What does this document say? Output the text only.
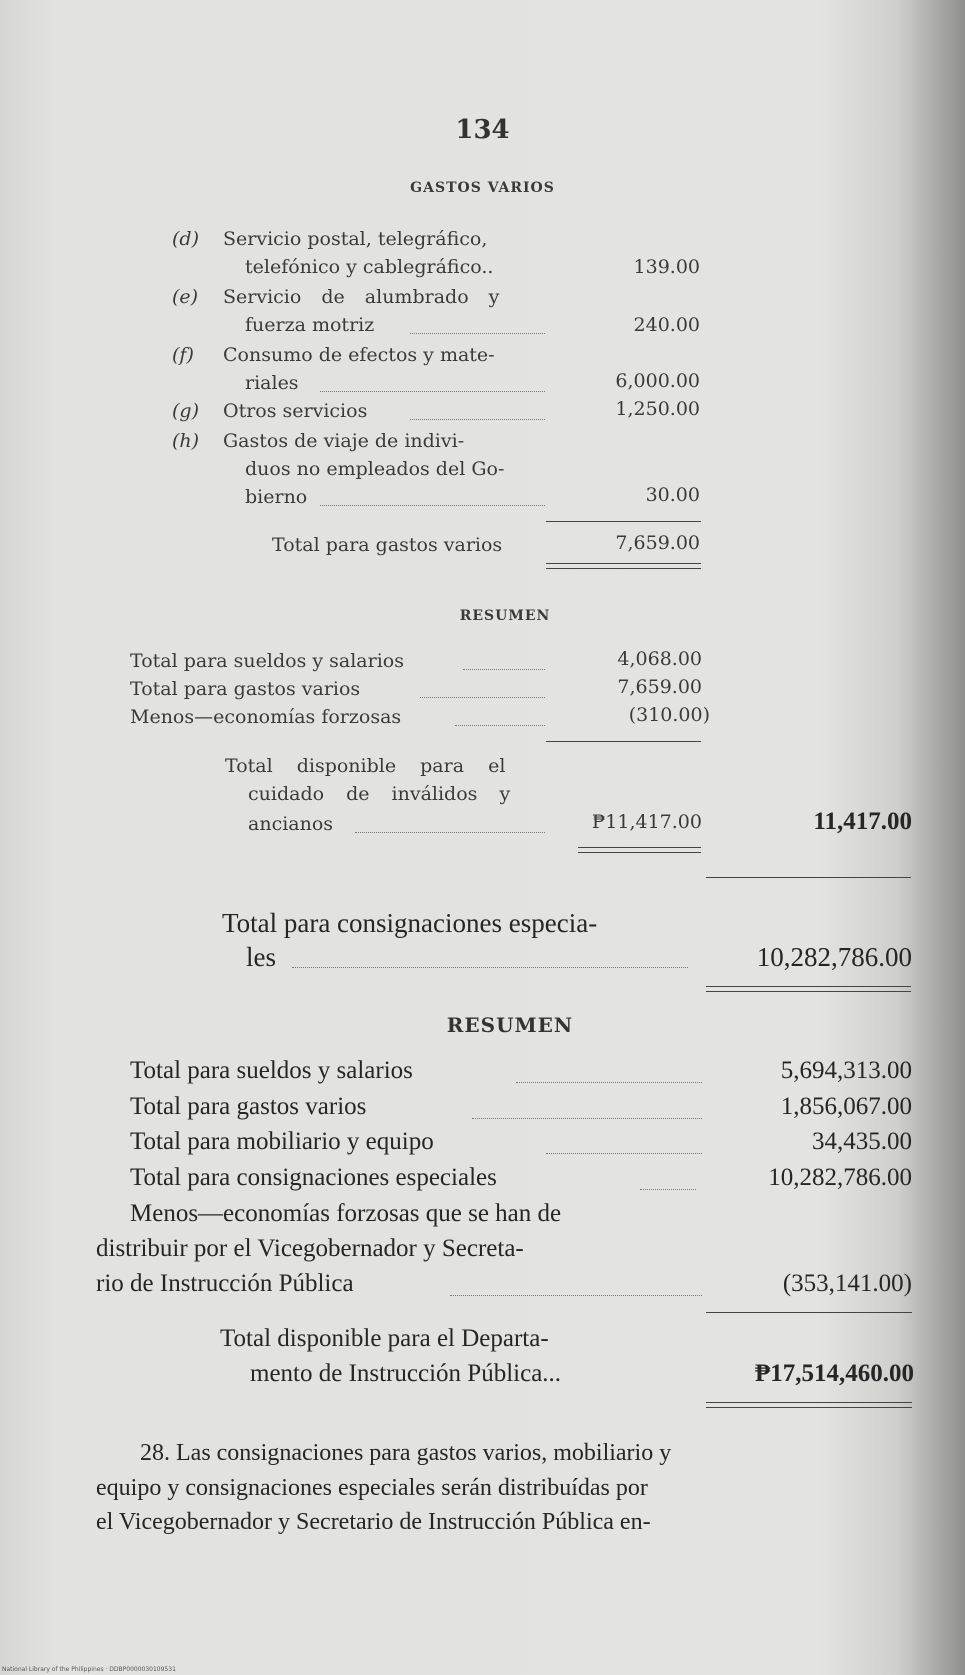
134
GASTOS VARIOS
(d) Servicio postal, telegráfico,
telefónico y cablegráfico..	139.00
(e) Servicio de alumbrado y
fuerza motriz	240.00
(f) Consumo de efectos y mate-
riales	6,000.00
(g) Otros servicios	1,250.00
(h) Gastos de viaje de indivi-
duos no empleados del Go-
bierno	30.00
Total para gastos varios	7,659.00
RESUMEN
Total para sueldos y salarios	4,068.00
Total para gastos varios	7,659.00
Menos—economías forzosas	(310.00)
Total disponible para el
cuidado de inválidos y
ancianos	₱11,417.00	11,417.00
Total para consignaciones especia-
les	10,282,786.00
RESUMEN
Total para sueldos y salarios	5,694,313.00
Total para gastos varios	1,856,067.00
Total para mobiliario y equipo	34,435.00
Total para consignaciones especiales	10,282,786.00
Menos—economías forzosas que se han de
distribuir por el Vicegobernador y Secreta-
rio de Instrucción Pública	(353,141.00)
Total disponible para el Departa-
mento de Instrucción Pública...	₱17,514,460.00
28. Las consignaciones para gastos varios, mobiliario y
equipo y consignaciones especiales serán distribuídas por
el Vicegobernador y Secretario de Instrucción Pública en-
National Library of the Philippines · DDBP0000030109531
